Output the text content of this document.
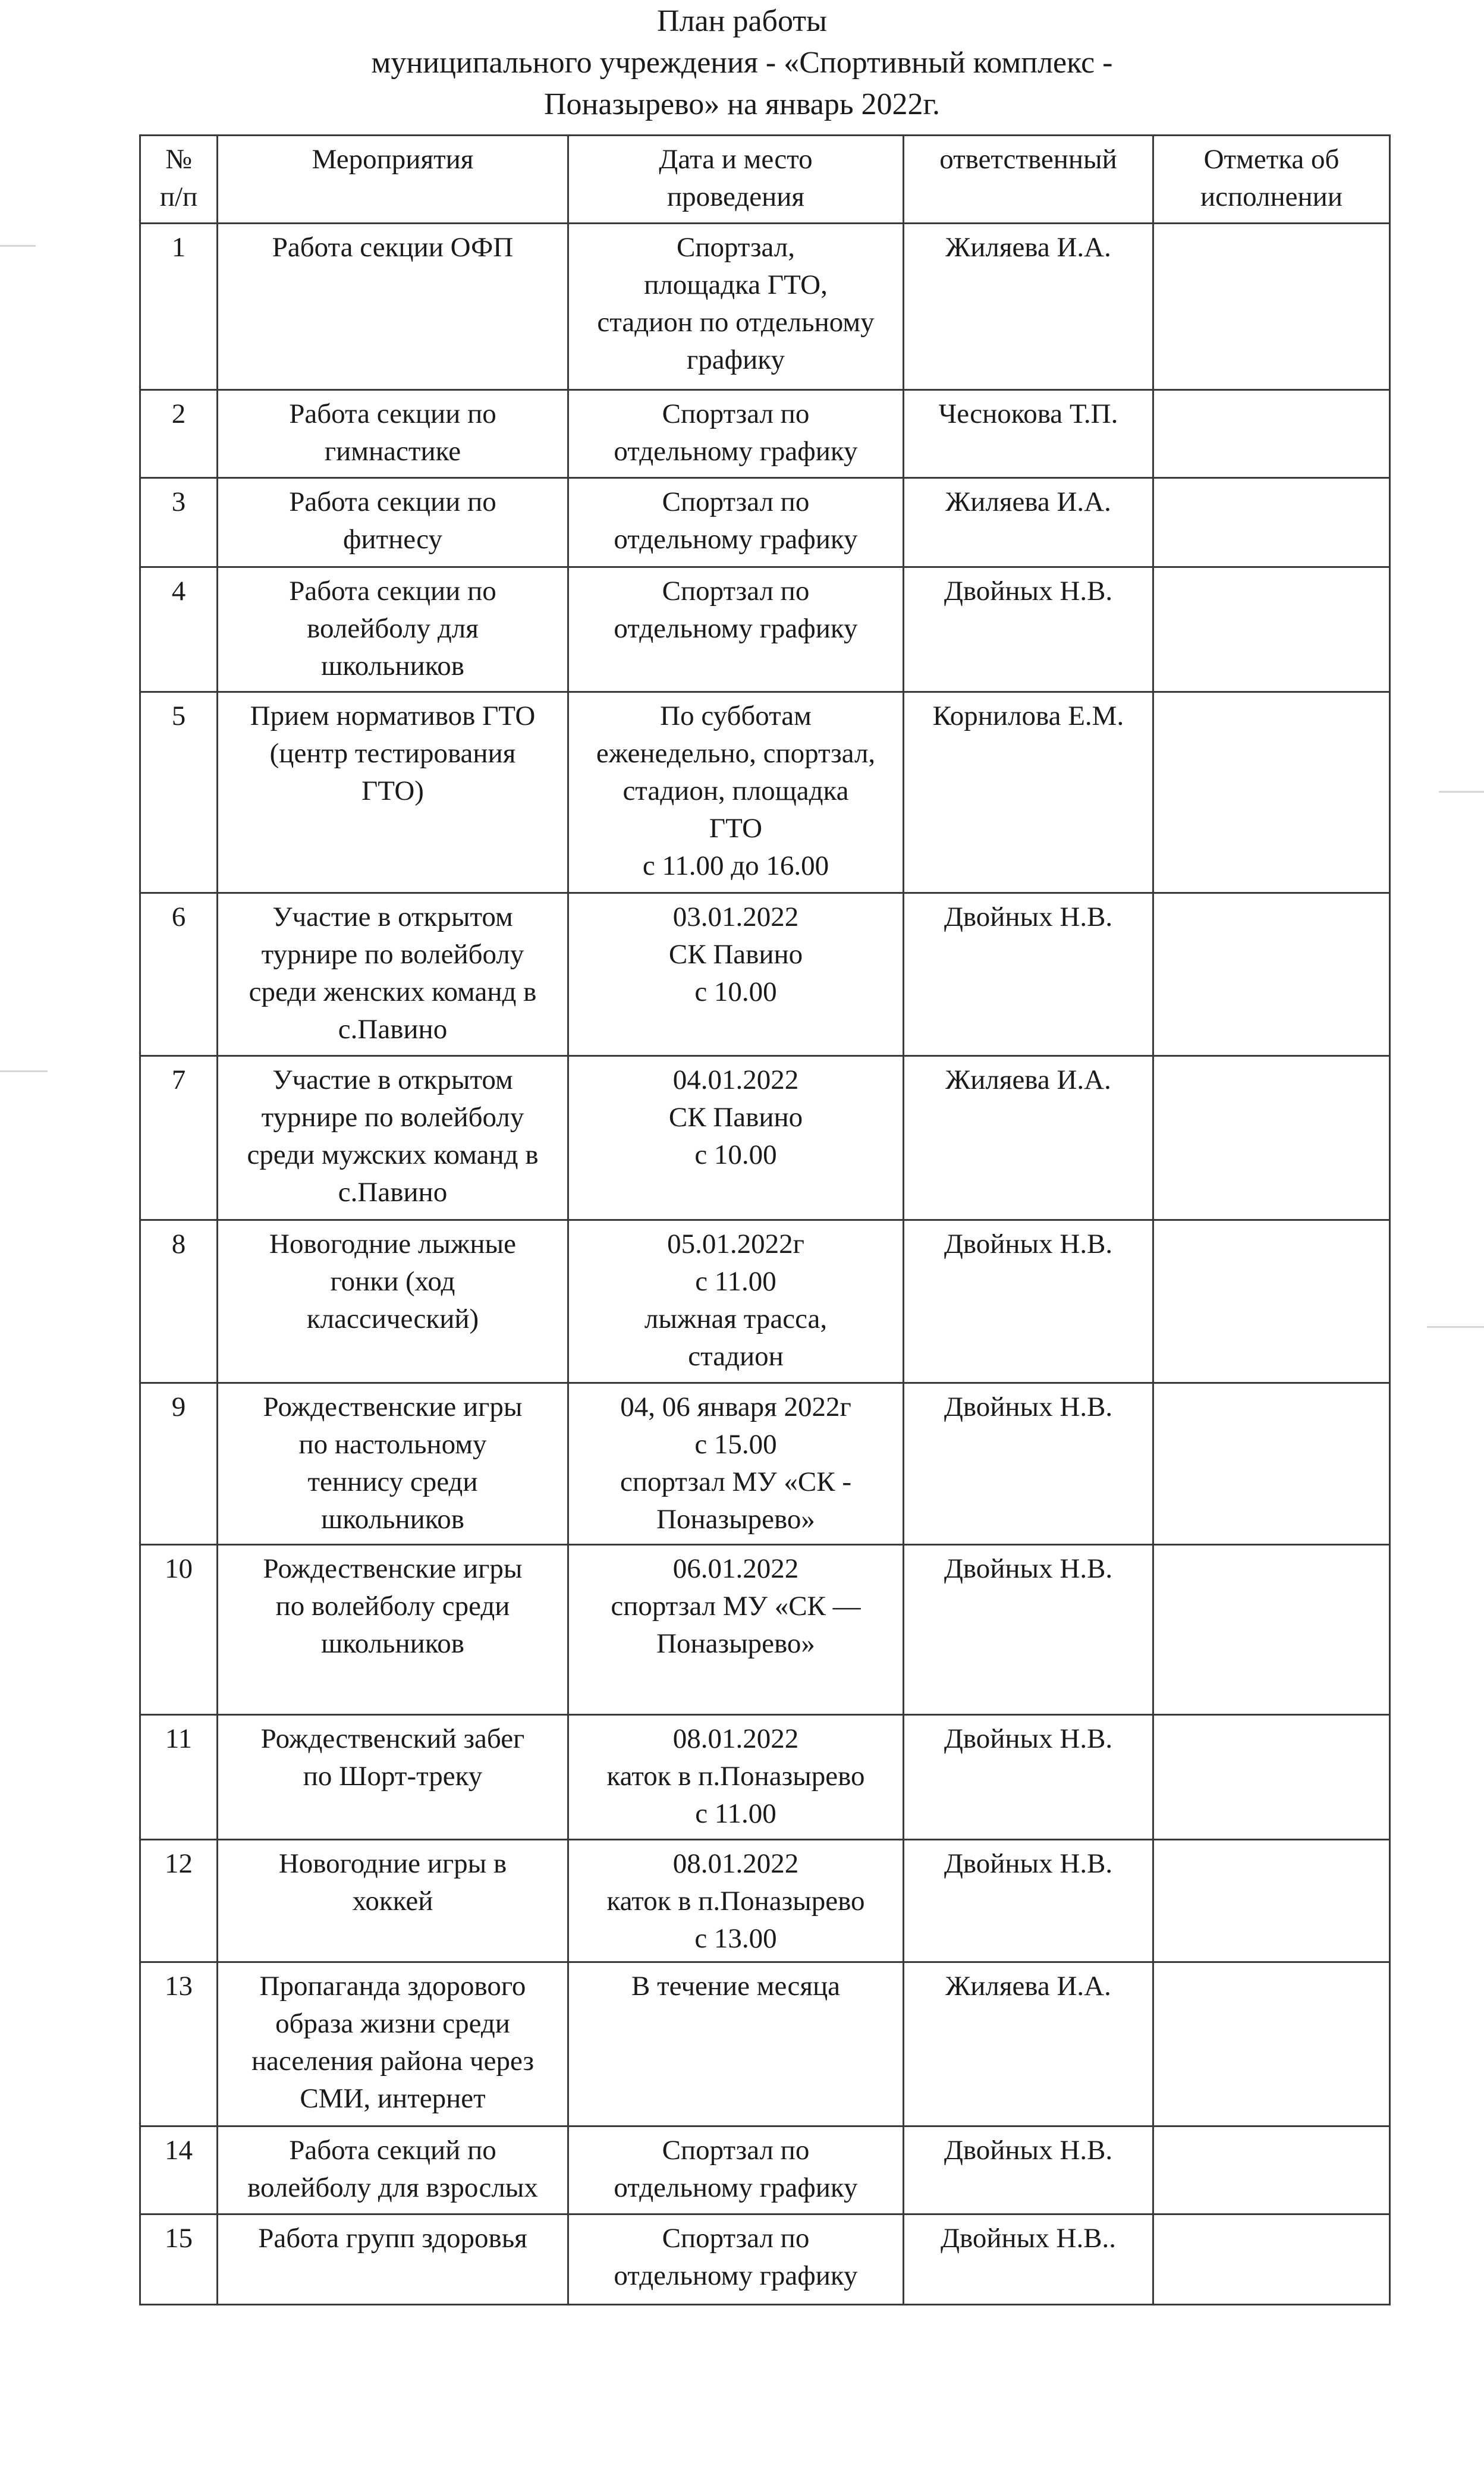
План работы
муниципального учреждения - «Спортивный комплекс -
Поназырево» на январь 2022г.
№
п/п	Мероприятия	Дата и место
проведения	ответственный	Отметка об
исполнении
1	Работа секции ОФП	Спортзал,
площадка ГТО,
стадион по отдельному
графику	Жиляева И.А.	
2	Работа секции по
гимнастике	Спортзал по
отдельному графику	Чеснокова Т.П.	
3	Работа секции по
фитнесу	Спортзал по
отдельному графику	Жиляева И.А.	
4	Работа секции по
волейболу для
школьников	Спортзал по
отдельному графику	Двойных Н.В.	
5	Прием нормативов ГТО
(центр тестирования
ГТО)	По субботам
еженедельно, спортзал,
стадион, площадка
ГТО
с 11.00 до 16.00	Корнилова Е.М.	
6	Участие в открытом
турнире по волейболу
среди женских команд в
с.Павино	03.01.2022
СК Павино
с 10.00	Двойных Н.В.	
7	Участие в открытом
турнире по волейболу
среди мужских команд в
с.Павино	04.01.2022
СК Павино
с 10.00	Жиляева И.А.	
8	Новогодние лыжные
гонки (ход
классический)	05.01.2022г
с 11.00
лыжная трасса,
стадион	Двойных Н.В.	
9	Рождественские игры
по настольному
теннису среди
школьников	04, 06 января 2022г
с 15.00
спортзал МУ «СК -
Поназырево»	Двойных Н.В.	
10	Рождественские игры
по волейболу среди
школьников	06.01.2022
спортзал МУ «СК —
Поназырево»	Двойных Н.В.	
11	Рождественский забег
по Шорт-треку	08.01.2022
каток в п.Поназырево
с 11.00	Двойных Н.В.	
12	Новогодние игры в
хоккей	08.01.2022
каток в п.Поназырево
с 13.00	Двойных Н.В.	
13	Пропаганда здорового
образа жизни среди
населения района через
СМИ, интернет	В течение месяца	Жиляева И.А.	
14	Работа секций по
волейболу для взрослых	Спортзал по
отдельному графику	Двойных Н.В.	
15	Работа групп здоровья	Спортзал по
отдельному графику	Двойных Н.В..	
